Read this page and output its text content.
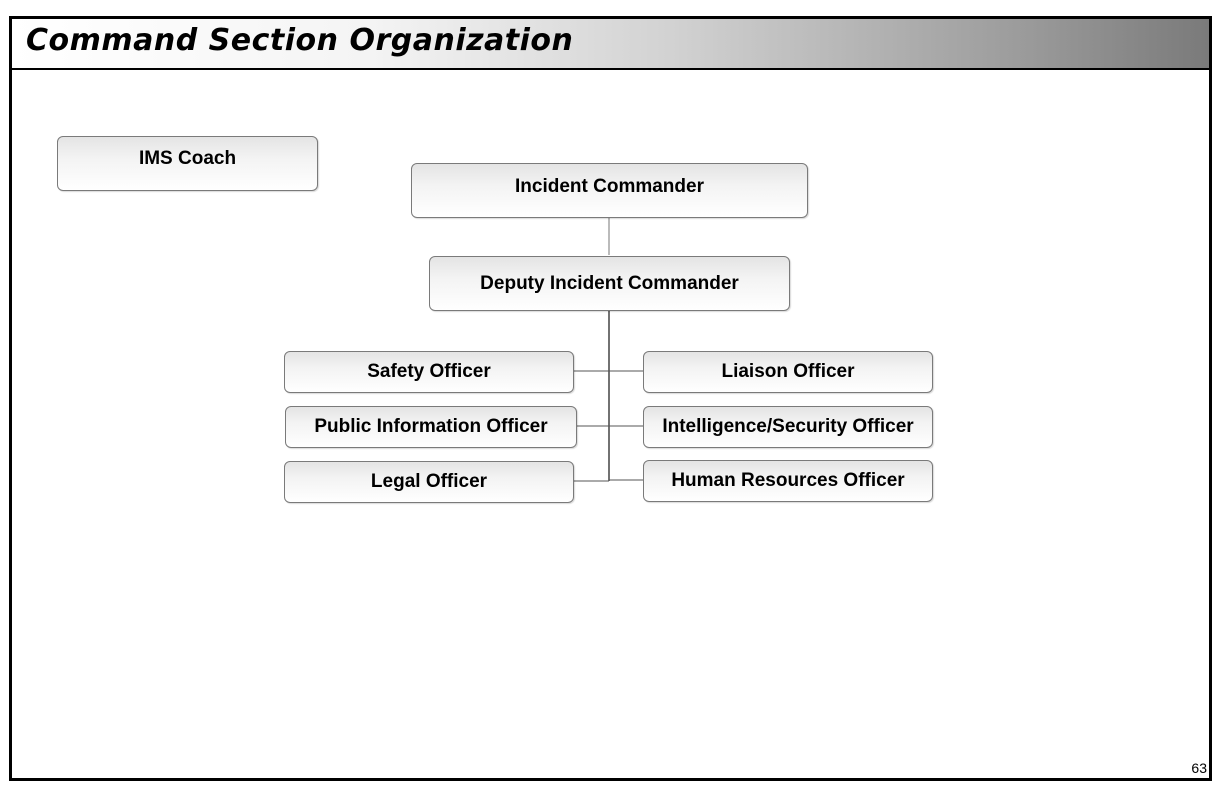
Command Section Organization
IMS Coach
Incident Commander
Deputy Incident Commander
Safety Officer
Public Information Officer
Legal Officer
Liaison Officer
Intelligence/Security Officer
Human Resources Officer
63
